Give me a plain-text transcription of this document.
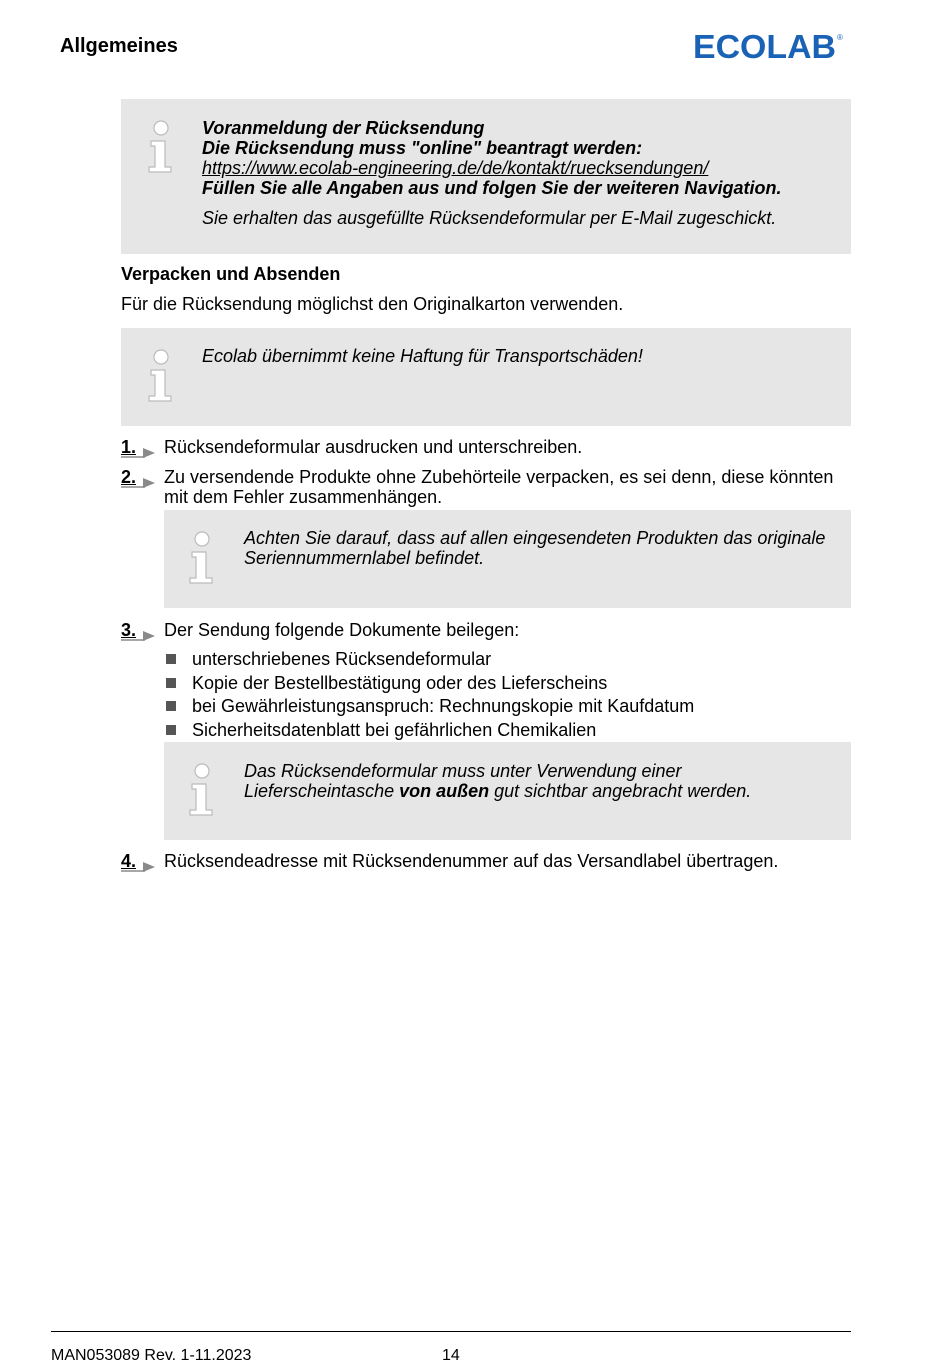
Allgemeines	ECOLAB ®
Voranmeldung der Rücksendung
Die Rücksendung muss "online" beantragt werden:
https://www.ecolab-engineering.de/de/kontakt/ruecksendungen/
Füllen Sie alle Angaben aus und folgen Sie der weiteren Navigation.
Sie erhalten das ausgefüllte Rücksendeformular per E-Mail zugeschickt.
Verpacken und Absenden
Für die Rücksendung möglichst den Originalkarton verwenden.
Ecolab übernimmt keine Haftung für Transportschäden!
1.	Rücksendeformular ausdrucken und unterschreiben.
2.	Zu versendende Produkte ohne Zubehörteile verpacken, es sei denn, diese könnten mit dem Fehler zusammenhängen.
Achten Sie darauf, dass auf allen eingesendeten Produkten das originale
Seriennummernlabel befindet.
3.	Der Sendung folgende Dokumente beilegen:
unterschriebenes Rücksendeformular
Kopie der Bestellbestätigung oder des Lieferscheins
bei Gewährleistungsanspruch: Rechnungskopie mit Kaufdatum
Sicherheitsdatenblatt bei gefährlichen Chemikalien
Das Rücksendeformular muss unter Verwendung einer
Lieferscheintasche von außen gut sichtbar angebracht werden.
4.	Rücksendeadresse mit Rücksendenummer auf das Versandlabel übertragen.
MAN053089 Rev. 1-11.2023	14
